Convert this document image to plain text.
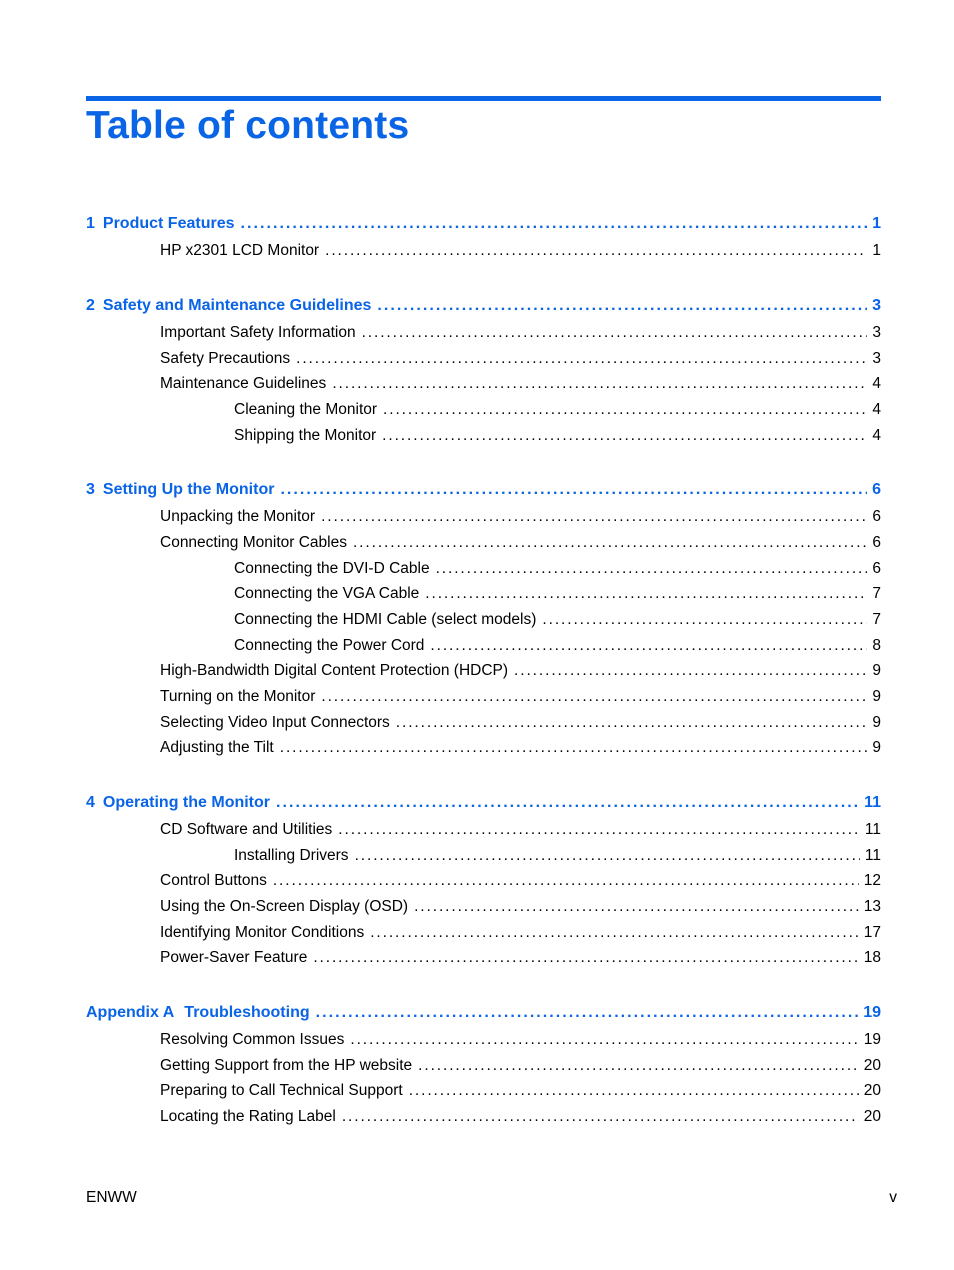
Table of contents
1 Product Features . . .	1
HP x2301 LCD Monitor . . .	1
2 Safety and Maintenance Guidelines . . .	3
Important Safety Information . . .	3
Safety Precautions . . .	3
Maintenance Guidelines . . .	4
Cleaning the Monitor . . .	4
Shipping the Monitor . . .	4
3 Setting Up the Monitor . . .	6
Unpacking the Monitor . . .	6
Connecting Monitor Cables . . .	6
Connecting the DVI-D Cable . . .	6
Connecting the VGA Cable . . .	7
Connecting the HDMI Cable (select models) . . .	7
Connecting the Power Cord . . .	8
High-Bandwidth Digital Content Protection (HDCP) . . .	9
Turning on the Monitor . . .	9
Selecting Video Input Connectors . . .	9
Adjusting the Tilt . . .	9
4 Operating the Monitor . . .	11
CD Software and Utilities . . .	11
Installing Drivers . . .	11
Control Buttons . . .	12
Using the On-Screen Display (OSD) . . .	13
Identifying Monitor Conditions . . .	17
Power-Saver Feature . . .	18
Appendix A Troubleshooting . . .	19
Resolving Common Issues . . .	19
Getting Support from the HP website . . .	20
Preparing to Call Technical Support . . .	20
Locating the Rating Label . . .	20
ENWW	v
